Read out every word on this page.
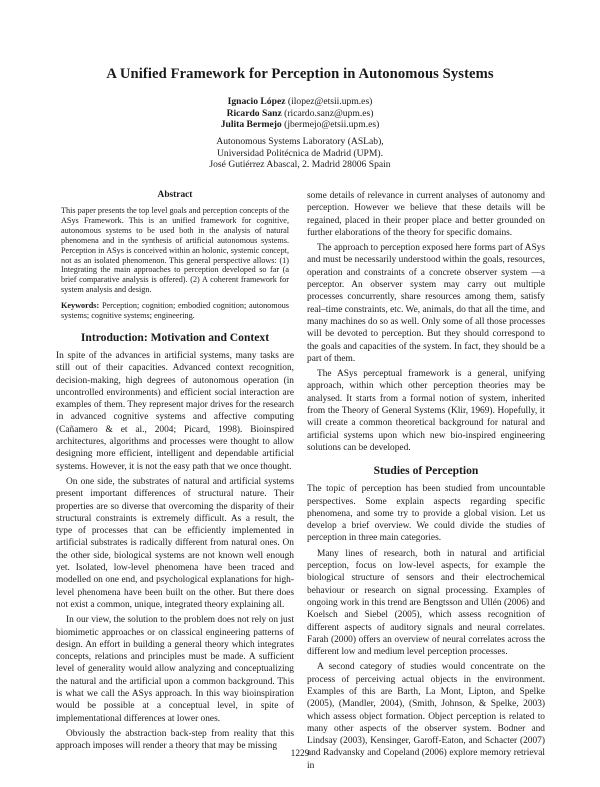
A Unified Framework for Perception in Autonomous Systems
Ignacio López (ilopez@etsii.upm.es)
Ricardo Sanz (ricardo.sanz@upm.es)
Julita Bermejo (jbermejo@etsii.upm.es)
Autonomous Systems Laboratory (ASLab),
Universidad Politécnica de Madrid (UPM).
José Gutiérrez Abascal, 2. Madrid 28006 Spain
Abstract

This paper presents the top level goals and perception concepts of the ASys Framework. This is an unified framework for cognitive, autonomous systems to be used both in the analysis of natural phenomena and in the synthesis of artificial autonomous systems. Perception in ASys is conceived within an holonic, systemic concept, not as an isolated phenomenon. This general perspective allows: (1) Integrating the main approaches to perception developed so far (a brief comparative analysis is offered). (2) A coherent framework for system analysis and design.

Keywords: Perception; cognition; embodied cognition; autonomous systems; cognitive systems; engineering.

Introduction: Motivation and Context

In spite of the advances in artificial systems, many tasks are still out of their capacities. Advanced context recognition, decision-making, high degrees of autonomous operation (in uncontrolled environments) and efficient social interaction are examples of them. They represent major drives for the research in advanced cognitive systems and affective computing (Cañamero & et al., 2004; Picard, 1998). Bioinspired architectures, algorithms and processes were thought to allow designing more efficient, intelligent and dependable artificial systems. However, it is not the easy path that we once thought.

On one side, the substrates of natural and artificial systems present important differences of structural nature. Their properties are so diverse that overcoming the disparity of their structural constraints is extremely difficult. As a result, the type of processes that can be efficiently implemented in artificial substrates is radically different from natural ones. On the other side, biological systems are not known well enough yet. Isolated, low-level phenomena have been traced and modelled on one end, and psychological explanations for high-level phenomena have been built on the other. But there does not exist a common, unique, integrated theory explaining all.

In our view, the solution to the problem does not rely on just biomimetic approaches or on classical engineering patterns of design. An effort in building a general theory which integrates concepts, relations and principles must be made. A sufficient level of generality would allow analyzing and conceptualizing the natural and the artificial upon a common background. This is what we call the ASys approach. In this way bioinspiration would be possible at a conceptual level, in spite of implementational differences at lower ones.

Obviously the abstraction back-step from reality that this approach imposes will render a theory that may be missing

some details of relevance in current analyses of autonomy and perception. However we believe that these details will be regained, placed in their proper place and better grounded on further elaborations of the theory for specific domains.

The approach to perception exposed here forms part of ASys and must be necessarily understood within the goals, resources, operation and constraints of a concrete observer system —a perceptor. An observer system may carry out multiple processes concurrently, share resources among them, satisfy real–time constraints, etc. We, animals, do that all the time, and many machines do so as well. Only some of all those processes will be devoted to perception. But they should correspond to the goals and capacities of the system. In fact, they should be a part of them.

The ASys perceptual framework is a general, unifying approach, within which other perception theories may be analysed. It starts from a formal notion of system, inherited from the Theory of General Systems (Klir, 1969). Hopefully, it will create a common theoretical background for natural and artificial systems upon which new bio-inspired engineering solutions can be developed.

Studies of Perception

The topic of perception has been studied from uncountable perspectives. Some explain aspects regarding specific phenomena, and some try to provide a global vision. Let us develop a brief overview. We could divide the studies of perception in three main categories.

Many lines of research, both in natural and artificial perception, focus on low-level aspects, for example the biological structure of sensors and their electrochemical behaviour or research on signal processing. Examples of ongoing work in this trend are Bengtsson and Ullén (2006) and Koelsch and Siebel (2005), which assess recognition of different aspects of auditory signals and neural correlates. Farah (2000) offers an overview of neural correlates across the different low and medium level perception processes.

A second category of studies would concentrate on the process of perceiving actual objects in the environment. Examples of this are Barth, La Mont, Lipton, and Spelke (2005), (Mandler, 2004), (Smith, Johnson, & Spelke, 2003) which assess object formation. Object perception is related to many other aspects of the observer system. Bodner and Lindsay (2003), Kensinger, Garoff-Eaton, and Schacter (2007) and Radvansky and Copeland (2006) explore memory retrieval in

1229
